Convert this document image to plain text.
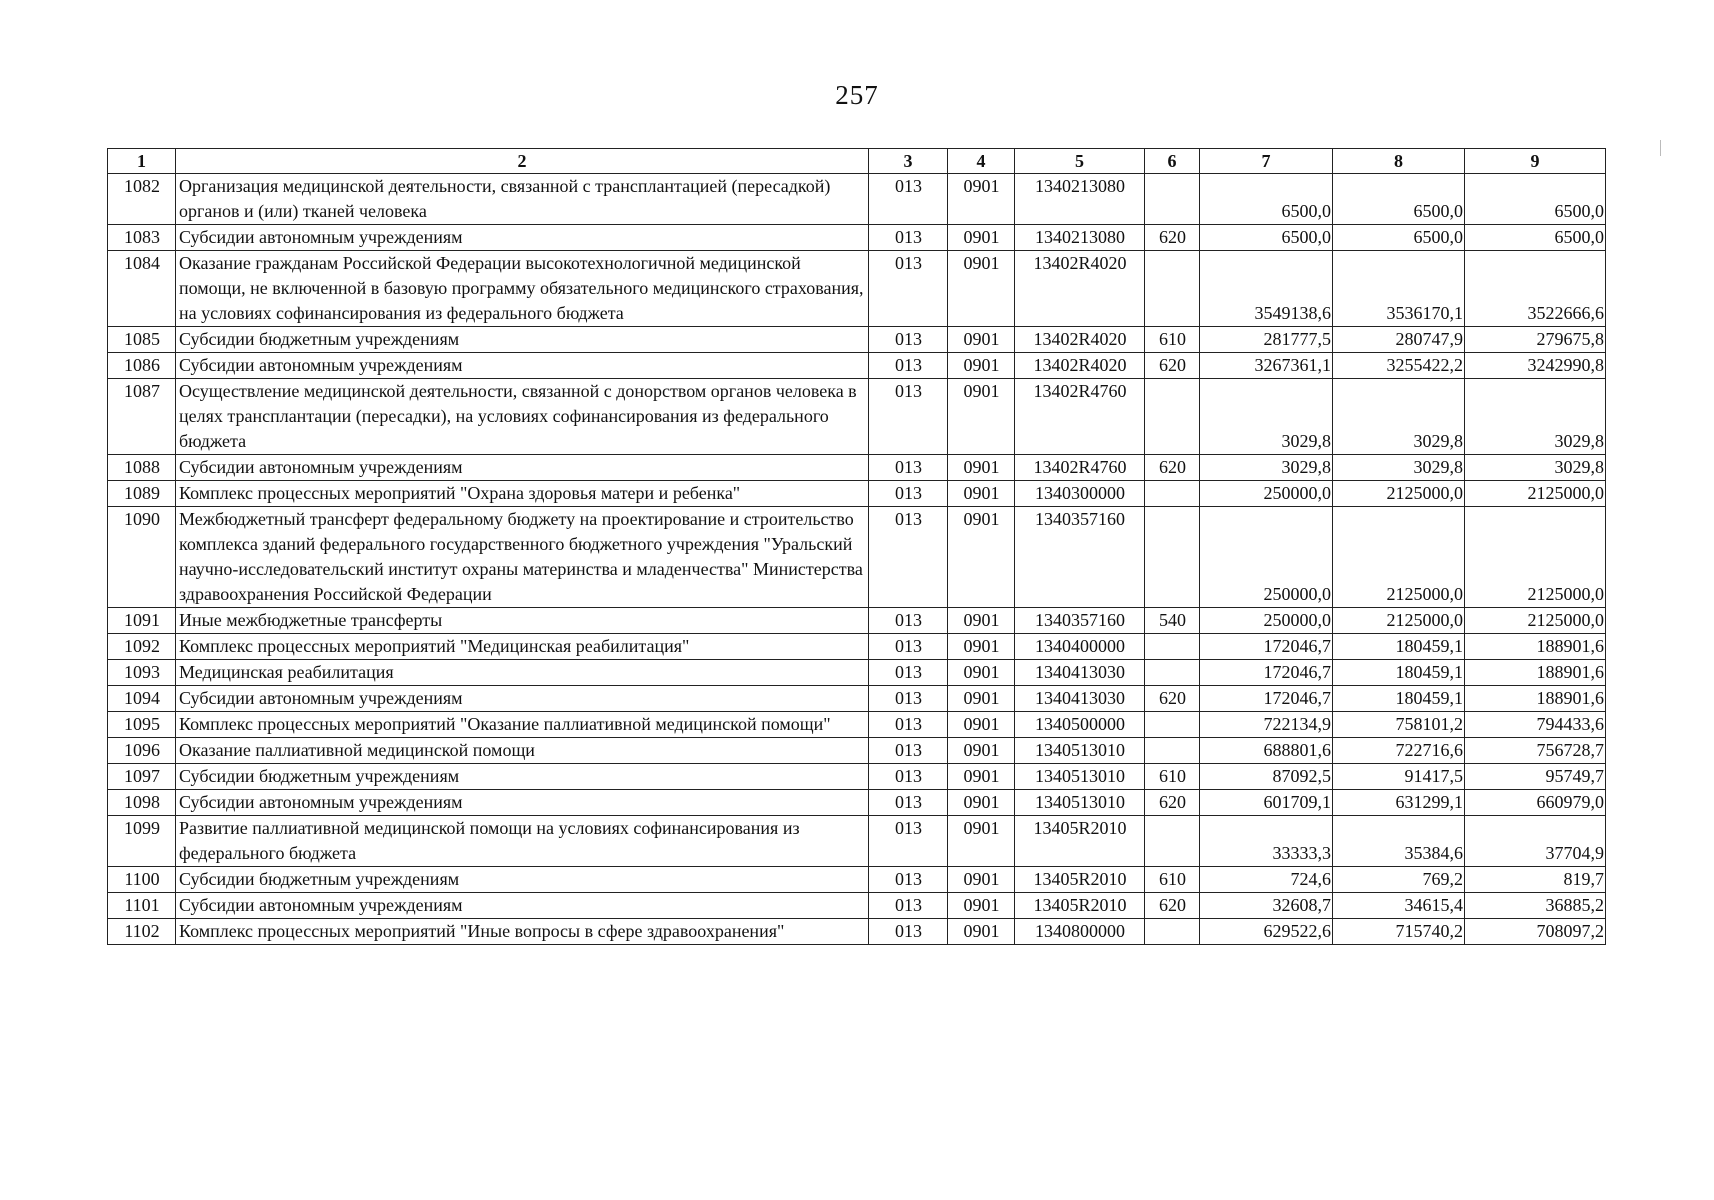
257
1	2	3	4	5	6	7	8	9
1082	Организация медицинской деятельности, связанной с трансплантацией (пересадкой) органов и (или) тканей человека	013	0901	1340213080		6500,0	6500,0	6500,0
1083	Субсидии автономным учреждениям	013	0901	1340213080	620	6500,0	6500,0	6500,0
1084	Оказание гражданам Российской Федерации высокотехнологичной медицинской помощи, не включенной в базовую программу обязательного медицинского страхования, на условиях софинансирования из федерального бюджета	013	0901	13402R4020		3549138,6	3536170,1	3522666,6
1085	Субсидии бюджетным учреждениям	013	0901	13402R4020	610	281777,5	280747,9	279675,8
1086	Субсидии автономным учреждениям	013	0901	13402R4020	620	3267361,1	3255422,2	3242990,8
1087	Осуществление медицинской деятельности, связанной с донорством органов человека в целях трансплантации (пересадки), на условиях софинансирования из федерального бюджета	013	0901	13402R4760		3029,8	3029,8	3029,8
1088	Субсидии автономным учреждениям	013	0901	13402R4760	620	3029,8	3029,8	3029,8
1089	Комплекс процессных мероприятий "Охрана здоровья матери и ребенка"	013	0901	1340300000		250000,0	2125000,0	2125000,0
1090	Межбюджетный трансферт федеральному бюджету на проектирование и строительство комплекса зданий федерального государственного бюджетного учреждения "Уральский научно-исследовательский институт охраны материнства и младенчества" Министерства здравоохранения Российской Федерации	013	0901	1340357160		250000,0	2125000,0	2125000,0
1091	Иные межбюджетные трансферты	013	0901	1340357160	540	250000,0	2125000,0	2125000,0
1092	Комплекс процессных мероприятий "Медицинская реабилитация"	013	0901	1340400000		172046,7	180459,1	188901,6
1093	Медицинская реабилитация	013	0901	1340413030		172046,7	180459,1	188901,6
1094	Субсидии автономным учреждениям	013	0901	1340413030	620	172046,7	180459,1	188901,6
1095	Комплекс процессных мероприятий "Оказание паллиативной медицинской помощи"	013	0901	1340500000		722134,9	758101,2	794433,6
1096	Оказание паллиативной медицинской помощи	013	0901	1340513010		688801,6	722716,6	756728,7
1097	Субсидии бюджетным учреждениям	013	0901	1340513010	610	87092,5	91417,5	95749,7
1098	Субсидии автономным учреждениям	013	0901	1340513010	620	601709,1	631299,1	660979,0
1099	Развитие паллиативной медицинской помощи на условиях софинансирования из федерального бюджета	013	0901	13405R2010		33333,3	35384,6	37704,9
1100	Субсидии бюджетным учреждениям	013	0901	13405R2010	610	724,6	769,2	819,7
1101	Субсидии автономным учреждениям	013	0901	13405R2010	620	32608,7	34615,4	36885,2
1102	Комплекс процессных мероприятий "Иные вопросы в сфере здравоохранения"	013	0901	1340800000		629522,6	715740,2	708097,2
